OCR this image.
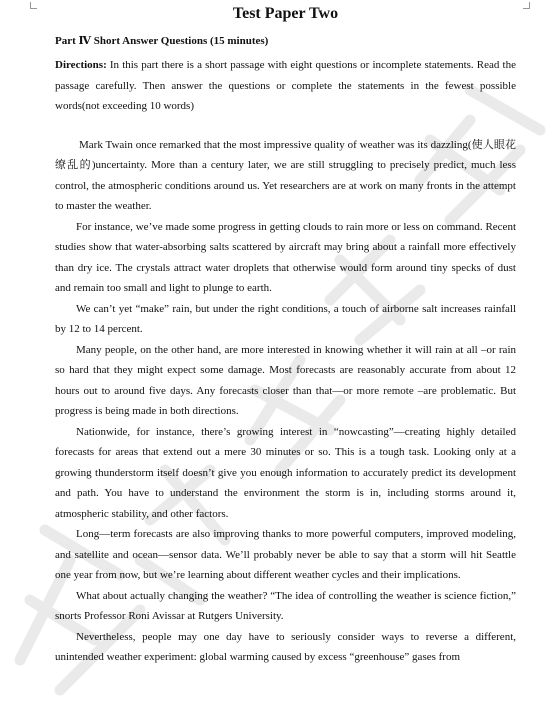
Test Paper Two
Part Ⅳ Short Answer Questions (15 minutes)

Directions: In this part there is a short passage with eight questions or incomplete statements. Read the passage carefully. Then answer the questions or complete the statements in the fewest possible words(not exceeding 10 words)

Mark Twain once remarked that the most impressive quality of weather was its dazzling(使人眼花缭乱的)uncertainty. More than a century later, we are still struggling to precisely predict, much less control, the atmospheric conditions around us. Yet researchers are at work on many fronts in the attempt to master the weather.

For instance, we’ve made some progress in getting clouds to rain more or less on command. Recent studies show that water-absorbing salts scattered by aircraft may bring about a rainfall more effectively than dry ice. The crystals attract water droplets that otherwise would form around tiny specks of dust and remain too small and light to plunge to earth.

We can’t yet “make” rain, but under the right conditions, a touch of airborne salt increases rainfall by 12 to 14 percent.

Many people, on the other hand, are more interested in knowing whether it will rain at all –or rain so hard that they might expect some damage. Most forecasts are reasonably accurate from about 12 hours out to around five days. Any forecasts closer than that—or more remote –are problematic. But progress is being made in both directions.

Nationwide, for instance, there’s growing interest in “nowcasting”—creating highly detailed forecasts for areas that extend out a mere 30 minutes or so. This is a tough task. Looking only at a growing thunderstorm itself doesn’t give you enough information to accurately predict its development and path. You have to understand the environment the storm is in, including storms around it, atmospheric stability, and other factors.

Long—term forecasts are also improving thanks to more powerful computers, improved modeling, and satellite and ocean—sensor data. We’ll probably never be able to say that a storm will hit Seattle one year from now, but we’re learning about different weather cycles and their implications.

What about actually changing the weather? “The idea of controlling the weather is science fiction,” snorts Professor Roni Avissar at Rutgers University.

Nevertheless, people may one day have to seriously consider ways to reverse a different, unintended weather experiment: global warming caused by excess “greenhouse” gases from
